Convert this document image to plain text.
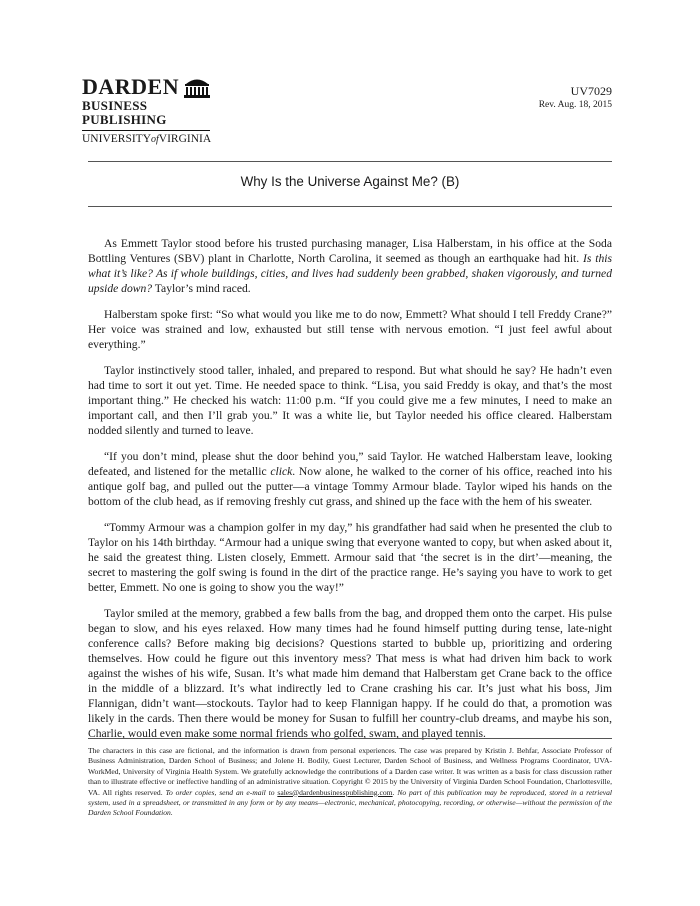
DARDEN
BUSINESS PUBLISHING
UNIVERSITYofVIRGINIA
UV7029
Rev. Aug. 18, 2015
Why Is the Universe Against Me? (B)

As Emmett Taylor stood before his trusted purchasing manager, Lisa Halberstam, in his office at the Soda Bottling Ventures (SBV) plant in Charlotte, North Carolina, it seemed as though an earthquake had hit. Is this what it’s like? As if whole buildings, cities, and lives had suddenly been grabbed, shaken vigorously, and turned upside down? Taylor’s mind raced.

Halberstam spoke first: “So what would you like me to do now, Emmett? What should I tell Freddy Crane?” Her voice was strained and low, exhausted but still tense with nervous emotion. “I just feel awful about everything.”

Taylor instinctively stood taller, inhaled, and prepared to respond. But what should he say? He hadn’t even had time to sort it out yet. Time. He needed space to think. “Lisa, you said Freddy is okay, and that’s the most important thing.” He checked his watch: 11:00 p.m. “If you could give me a few minutes, I need to make an important call, and then I’ll grab you.” It was a white lie, but Taylor needed his office cleared. Halberstam nodded silently and turned to leave.

“If you don’t mind, please shut the door behind you,” said Taylor. He watched Halberstam leave, looking defeated, and listened for the metallic click. Now alone, he walked to the corner of his office, reached into his antique golf bag, and pulled out the putter—a vintage Tommy Armour blade. Taylor wiped his hands on the bottom of the club head, as if removing freshly cut grass, and shined up the face with the hem of his sweater.

“Tommy Armour was a champion golfer in my day,” his grandfather had said when he presented the club to Taylor on his 14th birthday. “Armour had a unique swing that everyone wanted to copy, but when asked about it, he said the greatest thing. Listen closely, Emmett. Armour said that ‘the secret is in the dirt’—meaning, the secret to mastering the golf swing is found in the dirt of the practice range. He’s saying you have to work to get better, Emmett. No one is going to show you the way!”

Taylor smiled at the memory, grabbed a few balls from the bag, and dropped them onto the carpet. His pulse began to slow, and his eyes relaxed. How many times had he found himself putting during tense, late-night conference calls? Before making big decisions? Questions started to bubble up, prioritizing and ordering themselves. How could he figure out this inventory mess? That mess is what had driven him back to work against the wishes of his wife, Susan. It’s what made him demand that Halberstam get Crane back to the office in the middle of a blizzard. It’s what indirectly led to Crane crashing his car. It’s just what his boss, Jim Flannigan, didn’t want—stockouts. Taylor had to keep Flannigan happy. If he could do that, a promotion was likely in the cards. Then there would be money for Susan to fulfill her country-club dreams, and maybe his son, Charlie, would even make some normal friends who golfed, swam, and played tennis.

The characters in this case are fictional, and the information is drawn from personal experiences. The case was prepared by Kristin J. Behfar, Associate Professor of Business Administration, Darden School of Business; and Jolene H. Bodily, Guest Lecturer, Darden School of Business, and Wellness Programs Coordinator, UVA-WorkMed, University of Virginia Health System. We gratefully acknowledge the contributions of a Darden case writer. It was written as a basis for class discussion rather than to illustrate effective or ineffective handling of an administrative situation. Copyright © 2015 by the University of Virginia Darden School Foundation, Charlottesville, VA. All rights reserved. To order copies, send an e-mail to sales@dardenbusinesspublishing.com. No part of this publication may be reproduced, stored in a retrieval system, used in a spreadsheet, or transmitted in any form or by any means—electronic, mechanical, photocopying, recording, or otherwise—without the permission of the Darden School Foundation.
